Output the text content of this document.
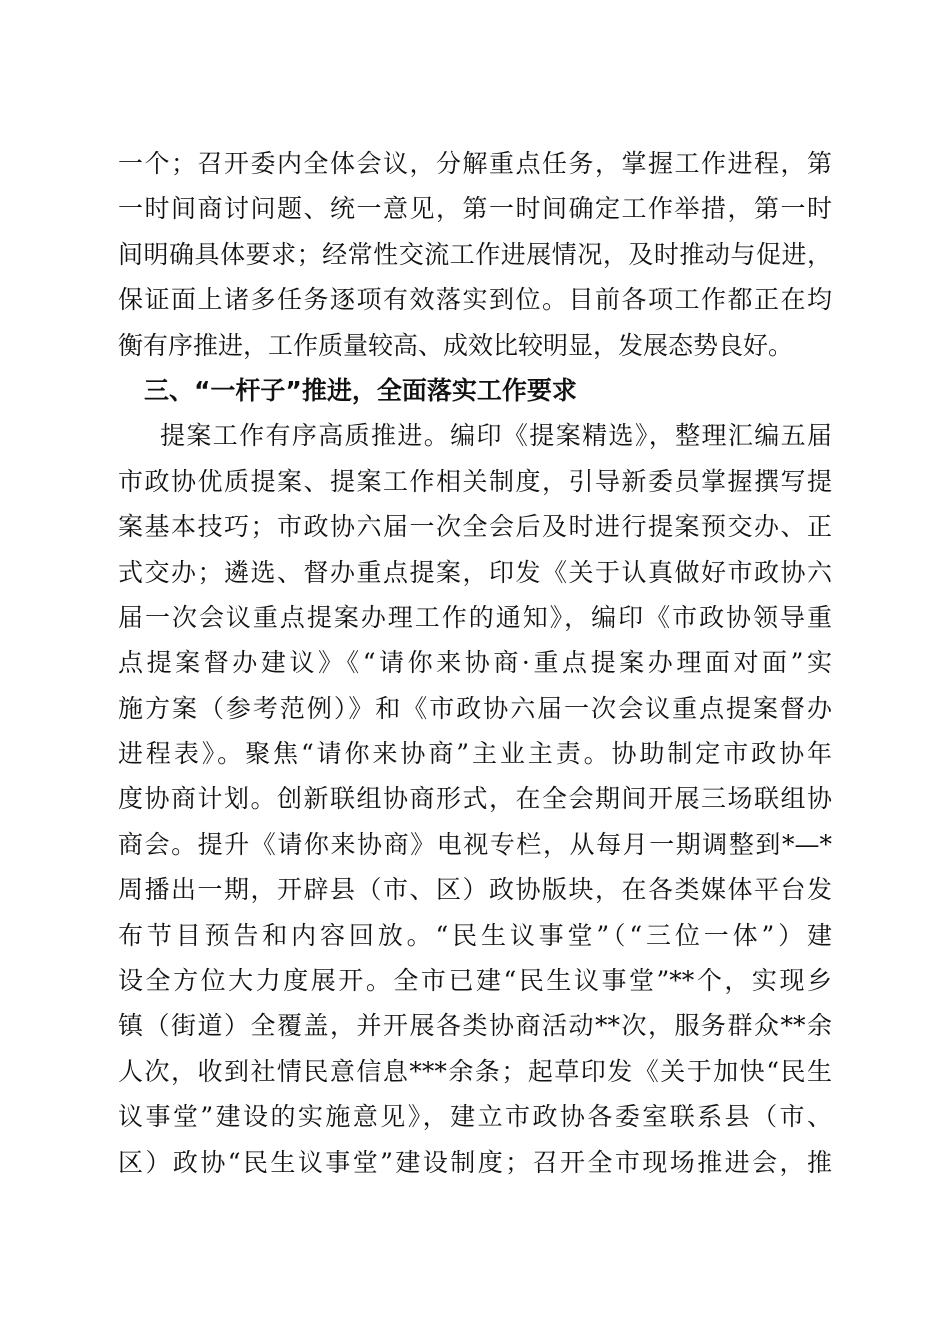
一个；召开委内全体会议，分解重点任务，掌握工作进程，第
一时间商讨问题、统一意见，第一时间确定工作举措，第一时
间明确具体要求；经常性交流工作进展情况，及时推动与促进，
保证面上诸多任务逐项有效落实到位。目前各项工作都正在均
衡有序推进，工作质量较高、成效比较明显，发展态势良好。
三、“一杆子”推进，全面落实工作要求
提案工作有序高质推进。编印《提案精选》，整理汇编五届
市政协优质提案、提案工作相关制度，引导新委员掌握撰写提
案基本技巧；市政协六届一次全会后及时进行提案预交办、正
式交办；遴选、督办重点提案，印发《关于认真做好市政协六
届一次会议重点提案办理工作的通知》，编印《市政协领导重
点提案督办建议》《“请你来协商·重点提案办理面对面”实
施方案（参考范例）》和《市政协六届一次会议重点提案督办
进程表》。聚焦“请你来协商”主业主责。协助制定市政协年
度协商计划。创新联组协商形式，在全会期间开展三场联组协
商会。提升《请你来协商》电视专栏，从每月一期调整到*—*
周播出一期，开辟县（市、区）政协版块，在各类媒体平台发
布节目预告和内容回放。“民生议事堂”（“三位一体”）建
设全方位大力度展开。全市已建“民生议事堂”**个，实现乡
镇（街道）全覆盖，并开展各类协商活动**次，服务群众**余
人次，收到社情民意信息***余条；起草印发《关于加快“民生
议事堂”建设的实施意见》，建立市政协各委室联系县（市、
区）政协“民生议事堂”建设制度；召开全市现场推进会，推
